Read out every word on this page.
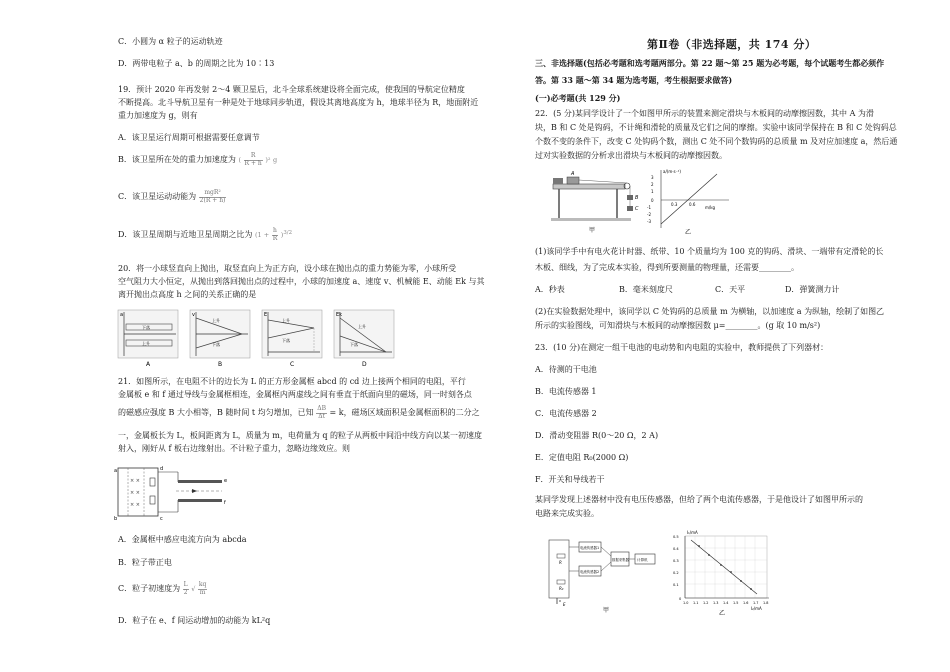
C．小圆为 α 粒子的运动轨迹
D．两带电粒子 a、b 的周期之比为 10∶13
19．预计 2020 年再发射 2～4 颗卫星后，北斗全球系统建设将全面完成，使我国的导航定位精度
不断提高。北斗导航卫星有一种是处于地球同步轨道，假设其离地高度为 h，地球半径为 R，地面附近
重力加速度为 g，则有
A．该卫星运行周期可根据需要任意调节
B．该卫星所在处的重力加速度为 ( $\frac{R}{R + h} )^2$ g
C．该卫星运动动能为 $\frac{\text{mgR²}}{2(R + h)}$
D．该卫星周期与近地卫星周期之比为 $(1 + \frac{h}{R} )^{3/2}$
20．将一小球竖直向上抛出，取竖直向上为正方向，设小球在抛出点的重力势能为零，小球所受
空气阻力大小恒定，从抛出到落回抛出点的过程中，小球的加速度 a、速度 v、机械能 E、动能 Ek 与其
离开抛出点高度 h 之间的关系正确的是
a
下落
上升
A
v
上升
下落
B
E
上升
下落
C
Ek
上升
下落
D
21．如图所示，在电阻不计的边长为 L 的正方形金属框 abcd 的 cd 边上接两个相同的电阻，平行
金属板 e 和 f 通过导线与金属框相连，金属框内两虚线之间有垂直于纸面向里的磁场，同一时刻各点
的磁感应强度 B 大小相等，B 随时间 t 均匀增加，已知 $\frac{\Delta B}{\Delta t} = k$，磁场区域面积是金属框面积的二分之
一，金属板长为 L，板间距离为 L，质量为 m，电荷量为 q 的粒子从两板中间沿中线方向以某一初速度
射入，刚好从 f 板右边缘射出。不计粒子重力，忽略边缘效应。则
× ×
× ×
× ×
a
b	c
d
e
f
A．金属框中感应电流方向为 abcda
B．粒子带正电
C．粒子初速度为 $\frac{L}{2}$ √ $\frac{kq}{m}$
D．粒子在 e、f 间运动增加的动能为 kL²q
第Ⅱ卷（非选择题，共 174 分）
三、非选择题(包括必考题和选考题两部分。第 22 题～第 25 题为必考题，每个试题考生都必须作
答。第 33 题～第 34 题为选考题，考生根据要求做答)
(一)必考题(共 129 分)
22．(5 分)某同学设计了一个如图甲所示的装置来测定滑块与木板间的动摩擦因数，其中 A 为滑
块，B 和 C 处是钩码，不计绳和滑轮的质量及它们之间的摩擦。实验中该同学保持在 B 和 C 处钩码总
个数不变的条件下，改变 C 处钩码个数，测出 C 处不同个数钩码的总质量 m 及对应加速度 a，然后通
过对实验数据的分析求出滑块与木板间的动摩擦因数。
A
B
C
甲
a/(m·s⁻²)
m/kg
3
2
1
0
-1
-2
-3
0.3	0.6
乙
(1)该同学手中有电火花计时器、纸带、10 个质量均为 100 克的钩码、滑块、一端带有定滑轮的长
木板、细线，为了完成本实验，得到所要测量的物理量，还需要________。
A．秒表	B．毫米刻度尺	C．天平	D．弹簧测力计
(2)在实验数据处理中，该同学以 C 处钩码的总质量 m 为横轴，以加速度 a 为纵轴，绘制了如图乙
所示的实验图线，可知滑块与木板间的动摩擦因数 μ=________。(g 取 10 m/s²)
23．(10 分)在测定一组干电池的电动势和内电阻的实验中，教师提供了下列器材：
A．待测的干电池
B．电流传感器 1
C．电流传感器 2
D．滑动变阻器 R(0～20 Ω，2 A)
E．定值电阻 R₀(2000 Ω)
F．开关和导线若干
某同学发现上述器材中没有电压传感器，但给了两个电流传感器，于是他设计了如图甲所示的
电路来完成实验。
电流传感器1
电流传感器2
数据采集器 计算机
R
R₀
E
甲
I₁/mA
I₂/mA
0.5
0.4
0.3
0.2
0.1
0
1.0 1.1 1.2 1.3 1.4 1.5 1.6 1.7 1.8
乙
